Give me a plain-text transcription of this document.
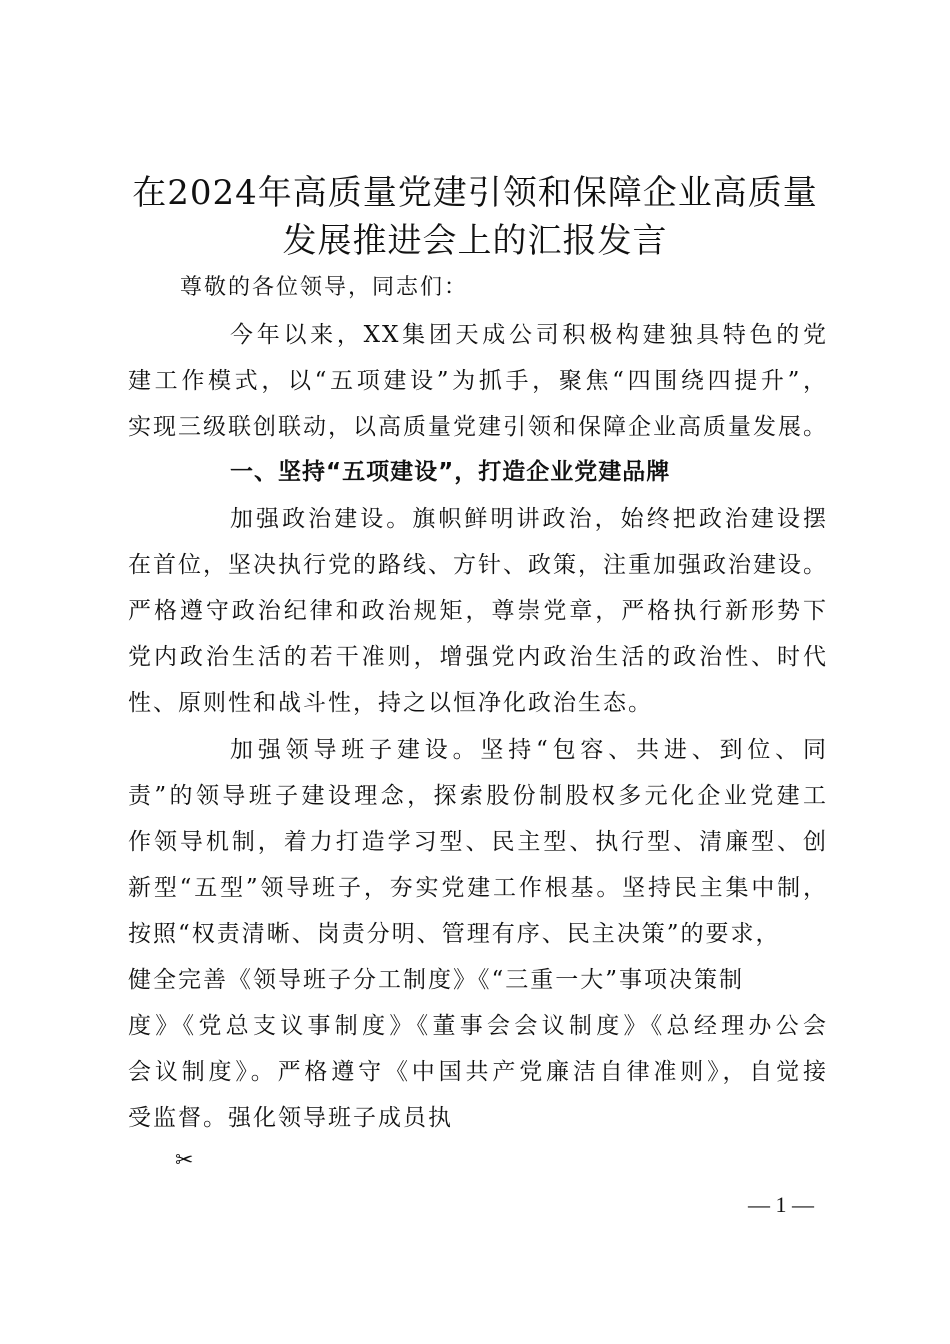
在2024年高质量党建引领和保障企业高质量
发展推进会上的汇报发言
尊敬的各位领导，同志们：
今年以来，XX集团天成公司积极构建独具特色的党
建工作模式，以“五项建设”为抓手，聚焦“四围绕四提升”，
实现三级联创联动，以高质量党建引领和保障企业高质量发展。
一、坚持“五项建设”，打造企业党建品牌
加强政治建设。旗帜鲜明讲政治，始终把政治建设摆
在首位，坚决执行党的路线、方针、政策，注重加强政治建设。
严格遵守政治纪律和政治规矩，尊崇党章，严格执行新形势下
党内政治生活的若干准则，增强党内政治生活的政治性、时代
性、原则性和战斗性，持之以恒净化政治生态。
加强领导班子建设。坚持“包容、共进、到位、同
责”的领导班子建设理念，探索股份制股权多元化企业党建工
作领导机制，着力打造学习型、民主型、执行型、清廉型、创
新型“五型”领导班子，夯实党建工作根基。坚持民主集中制，
按照“权责清晰、岗责分明、管理有序、民主决策”的要求，
健全完善《领导班子分工制度》《“三重一大”事项决策制
度》《党总支议事制度》《董事会会议制度》《总经理办公会
会议制度》。严格遵守《中国共产党廉洁自律准则》，自觉接
受监督。强化领导班子成员执
✂
— 1 —
